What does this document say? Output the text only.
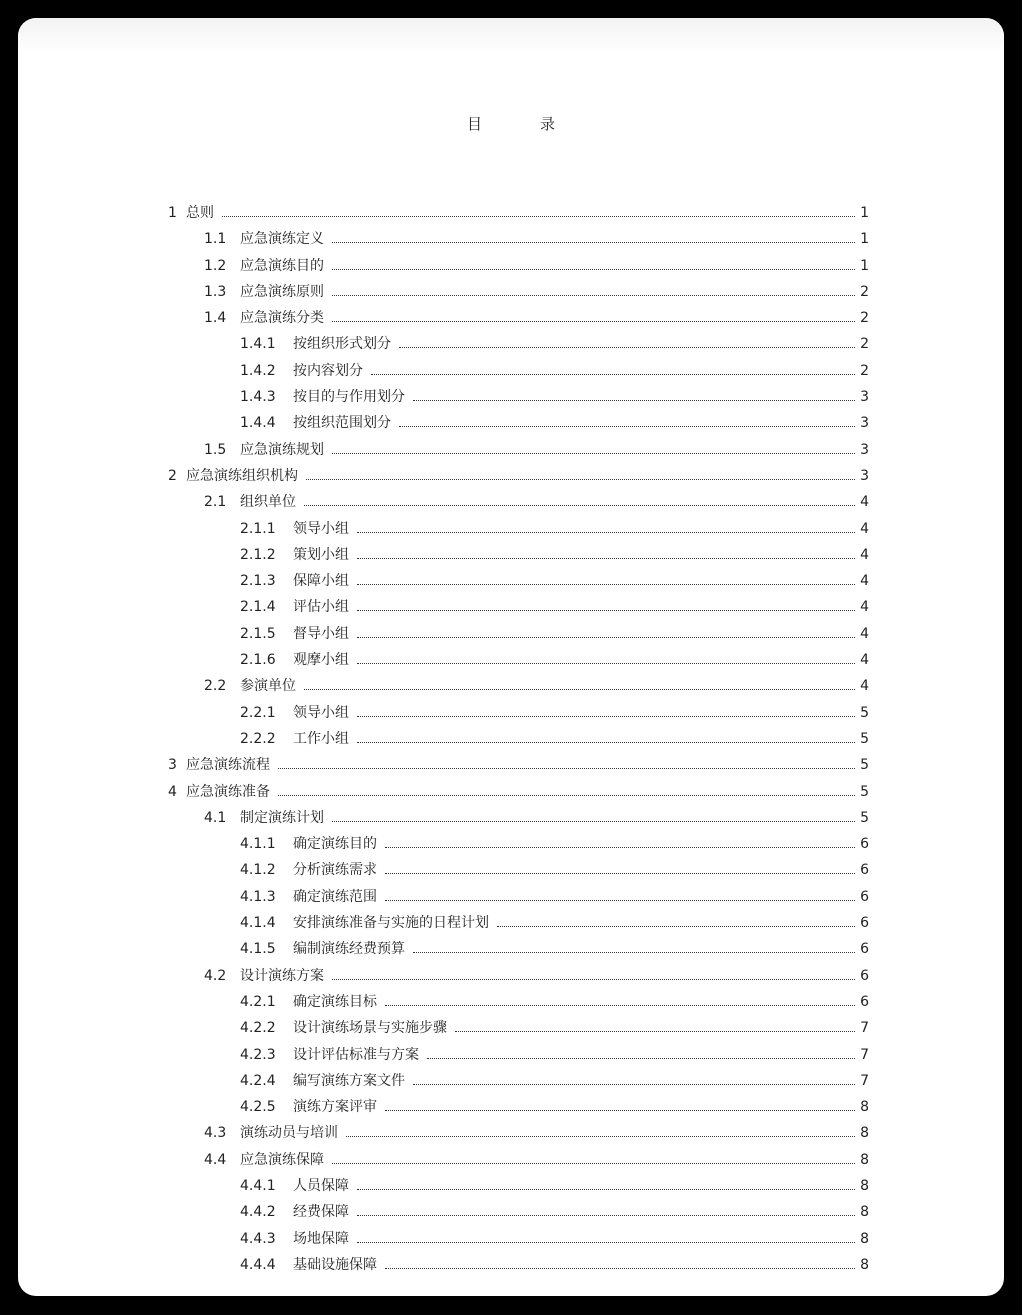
目	录
1 总则	1
1.1 应急演练定义	1
1.2 应急演练目的	1
1.3 应急演练原则	2
1.4 应急演练分类	2
1.4.1	按组织形式划分	2
1.4.2	按内容划分	2
1.4.3	按目的与作用划分	3
1.4.4	按组织范围划分	3
1.5 应急演练规划	3
2 应急演练组织机构	3
2.1 组织单位	4
2.1.1	领导小组	4
2.1.2	策划小组	4
2.1.3	保障小组	4
2.1.4	评估小组	4
2.1.5	督导小组	4
2.1.6	观摩小组	4
2.2 参演单位	4
2.2.1	领导小组	5
2.2.2	工作小组	5
3 应急演练流程	5
4 应急演练准备	5
4.1 制定演练计划	5
4.1.1	确定演练目的	6
4.1.2	分析演练需求	6
4.1.3	确定演练范围	6
4.1.4	安排演练准备与实施的日程计划	6
4.1.5	编制演练经费预算	6
4.2 设计演练方案	6
4.2.1	确定演练目标	6
4.2.2	设计演练场景与实施步骤	7
4.2.3	设计评估标准与方案	7
4.2.4	编写演练方案文件	7
4.2.5	演练方案评审	8
4.3 演练动员与培训	8
4.4 应急演练保障	8
4.4.1	人员保障	8
4.4.2	经费保障	8
4.4.3	场地保障	8
4.4.4	基础设施保障	8
